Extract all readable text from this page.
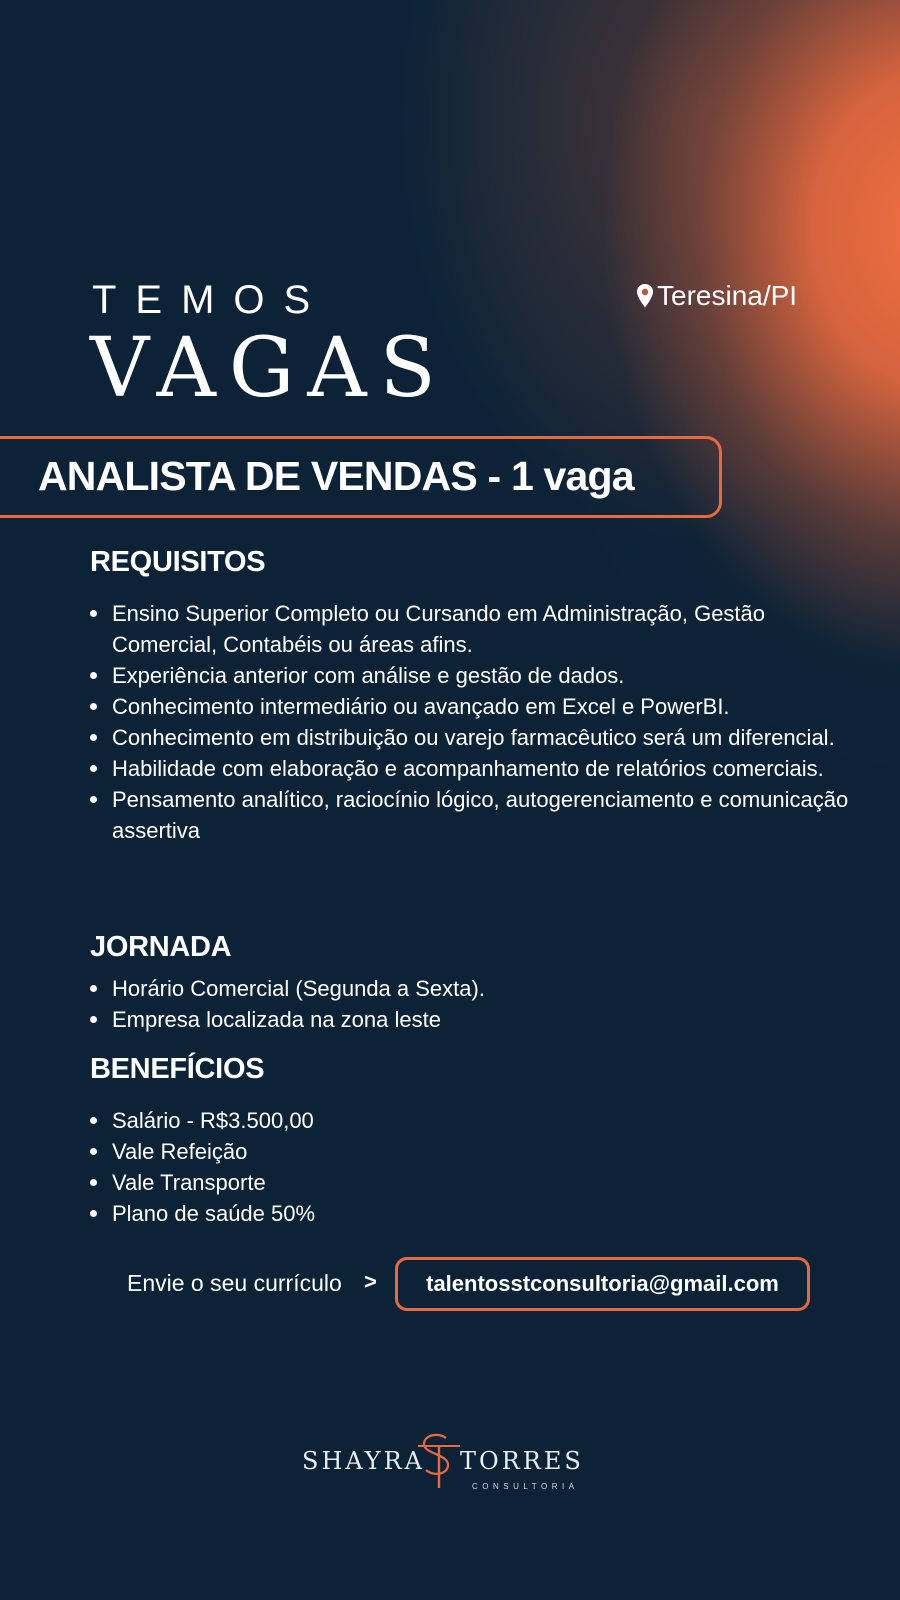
TEMOS
VAGAS
Teresina/PI
ANALISTA DE VENDAS - 1 vaga
REQUISITOS
Ensino Superior Completo ou Cursando em Administração, Gestão Comercial, Contabéis ou áreas afins.
Experiência anterior com análise e gestão de dados.
Conhecimento intermediário ou avançado em Excel e PowerBI.
Conhecimento em distribuição ou varejo farmacêutico será um diferencial.
Habilidade com elaboração e acompanhamento de relatórios comerciais.
Pensamento analítico, raciocínio lógico, autogerenciamento e comunicação assertiva
JORNADA
Horário Comercial (Segunda a Sexta).
Empresa localizada na zona leste
BENEFÍCIOS
Salário - R$3.500,00
Vale Refeição
Vale Transporte
Plano de saúde 50%
Envie o seu currículo > talentosstconsultoria@gmail.com
SHAYRA TORRES
CONSULTORIA
